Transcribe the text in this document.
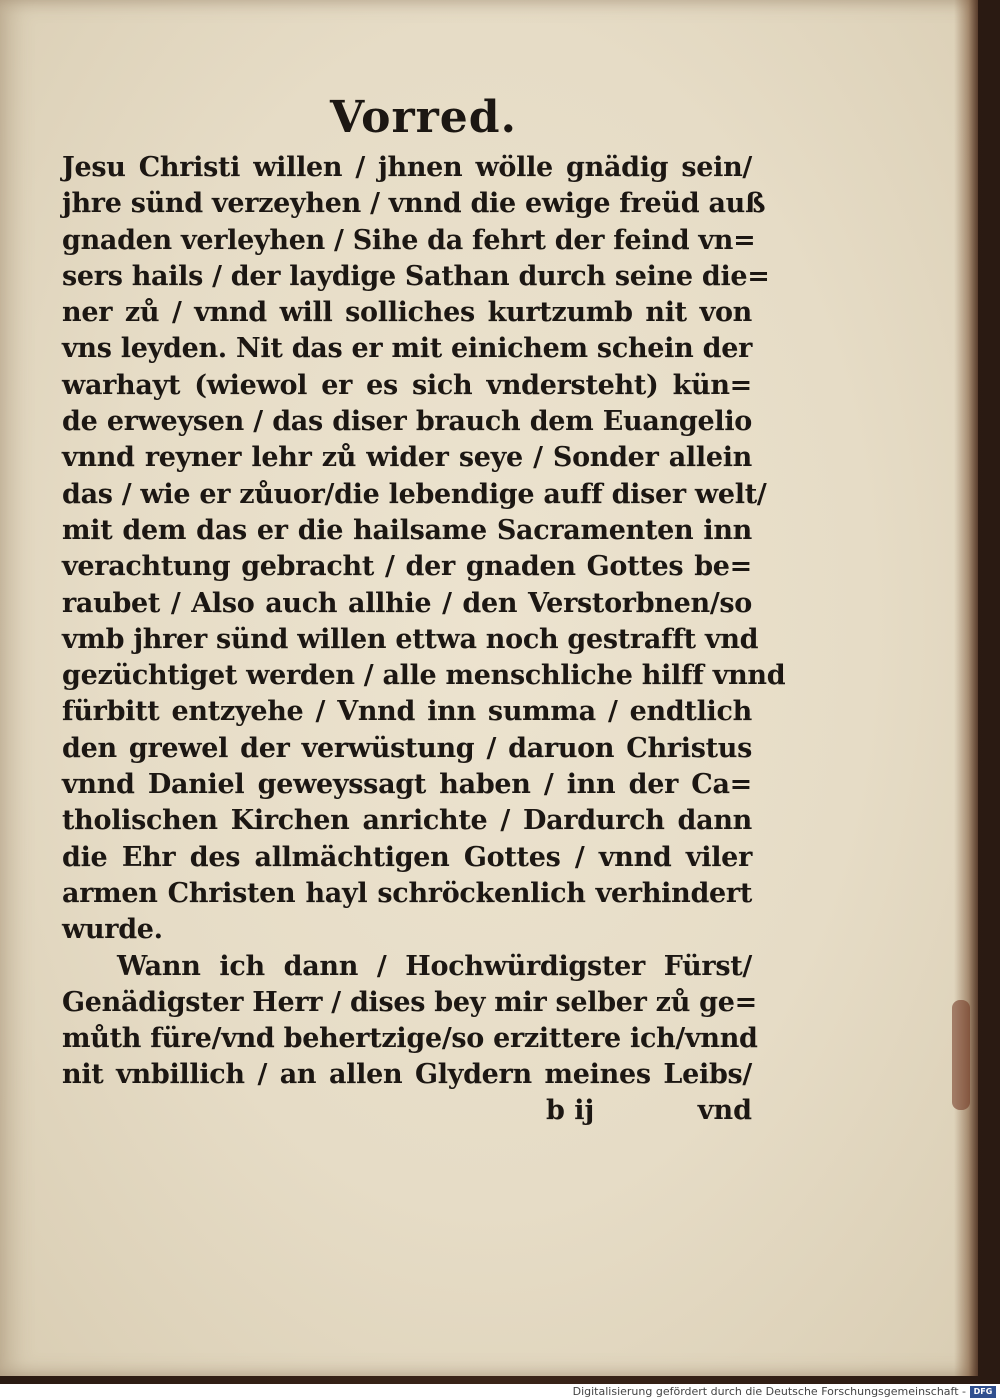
Vorred.
Jesu Christi willen / jhnen wölle gnädig sein/
jhre sünd verzeyhen / vnnd die ewige freüd auß
gnaden verleyhen / Sihe da fehrt der feind vn=
sers hails / der laydige Sathan durch seine die=
ner zů / vnnd will solliches kurtzumb nit von
vns leyden. Nit das er mit einichem schein der
warhayt (wiewol er es sich vndersteht) kün=
de erweysen / das diser brauch dem Euangelio
vnnd reyner lehr zů wider seye / Sonder allein
das / wie er zůuor/die lebendige auff diser welt/
mit dem das er die hailsame Sacramenten inn
verachtung gebracht / der gnaden Gottes be=
raubet / Also auch allhie / den Verstorbnen/so
vmb jhrer sünd willen ettwa noch gestrafft vnd
gezüchtiget werden / alle menschliche hilff vnnd
fürbitt entzyehe / Vnnd inn summa / endtlich
den grewel der verwüstung / daruon Christus
vnnd Daniel geweyssagt haben / inn der Ca=
tholischen Kirchen anrichte / Dardurch dann
die Ehr des allmächtigen Gottes / vnnd viler
armen Christen hayl schröckenlich verhindert
wurde.
Wann ich dann / Hochwürdigster Fürst/
Genädigster Herr / dises bey mir selber zů ge=
můth füre/vnd behertzige/so erzittere ich/vnnd
nit vnbillich / an allen Glydern meines Leibs/
b ij	vnd
Digitalisierung gefördert durch die Deutsche Forschungsgemeinschaft - DFG
